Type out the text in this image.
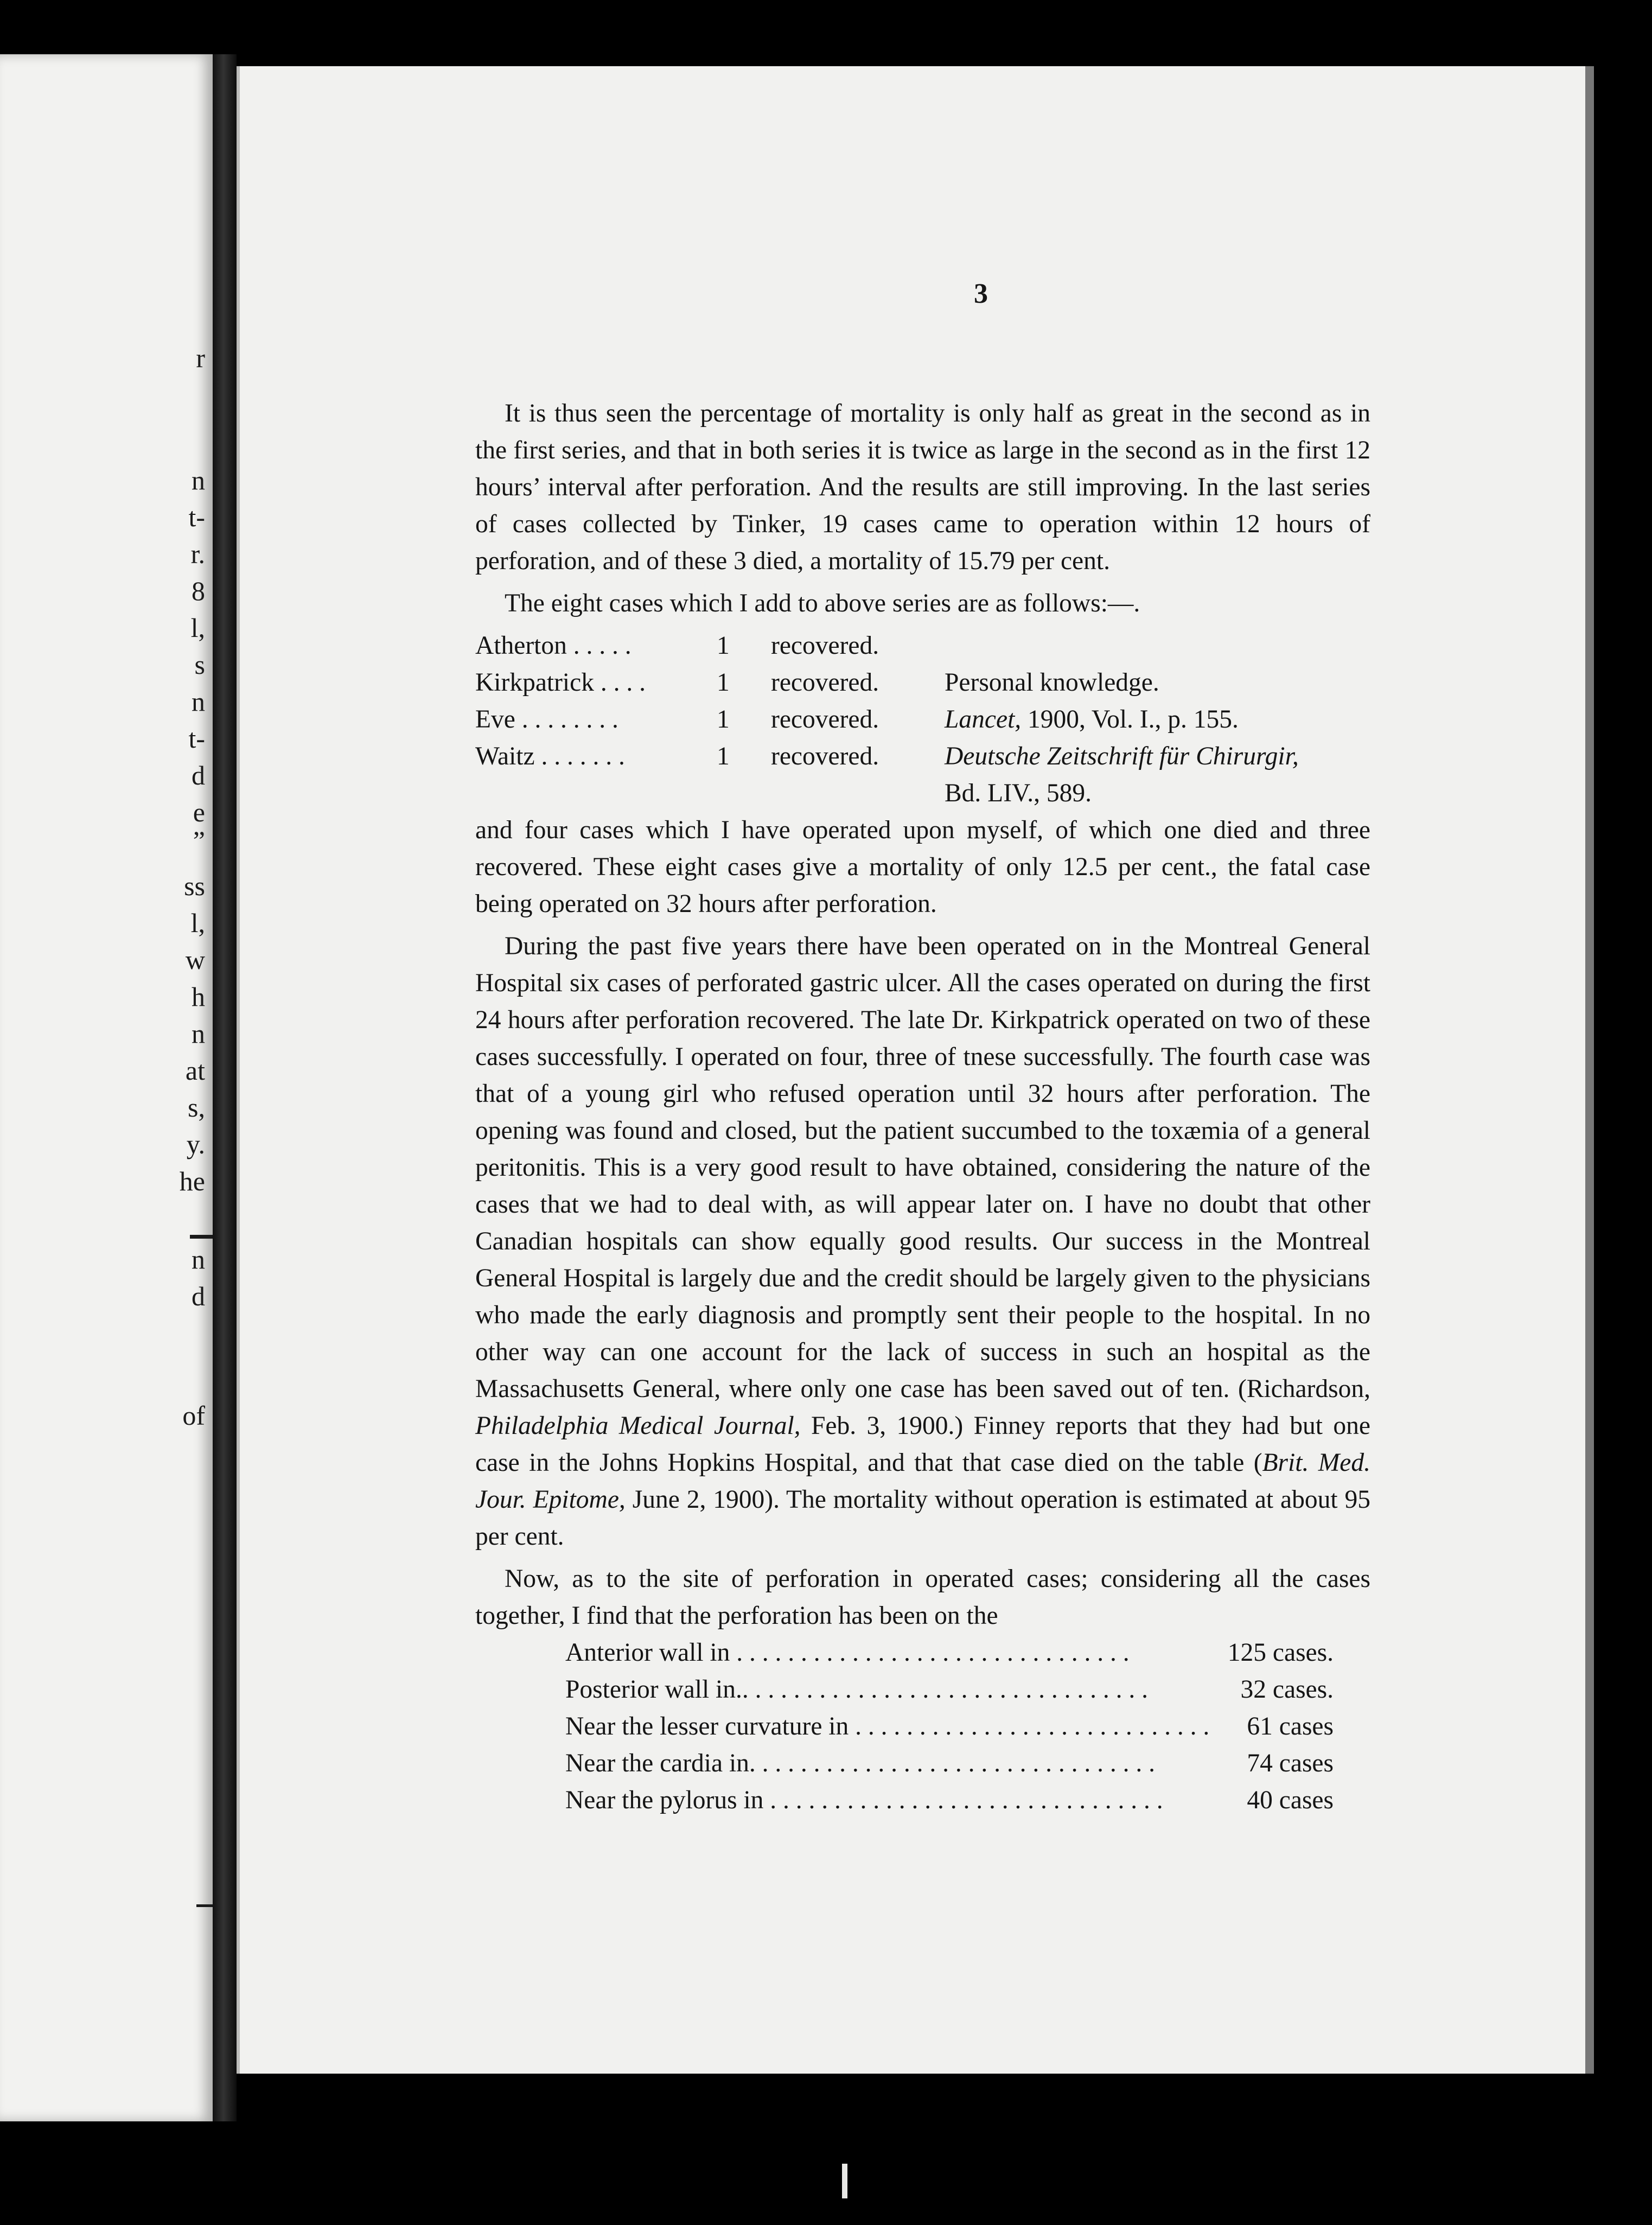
r
n
t-
r.
8
l,
s
n
t-
d
e
”
ss
l,
w
h
n
at
s,
y.
he
n
d
of
3

It is thus seen the percentage of mortality is only half as great in the second as in the first series, and that in both series it is twice as large in the second as in the first 12 hours’ interval after perforation. And the results are still improving. In the last series of cases collected by Tinker, 19 cases came to operation within 12 hours of perforation, and of these 3 died, a mortality of 15.79 per cent.

The eight cases which I add to above series are as follows:—.

Atherton . . . . .	1	recovered.
Kirkpatrick . . . .	1	recovered.	Personal knowledge.
Eve . . . . . . . .	1	recovered.	Lancet, 1900, Vol. I., p. 155.
Waitz . . . . . . .	1	recovered.	Deutsche Zeitschrift für Chirurgir,
Bd. LIV., 589.

and four cases which I have operated upon myself, of which one died and three recovered. These eight cases give a mortality of only 12.5 per cent., the fatal case being operated on 32 hours after perforation.

During the past five years there have been operated on in the Montreal General Hospital six cases of perforated gastric ulcer. All the cases operated on during the first 24 hours after perforation recovered. The late Dr. Kirkpatrick operated on two of these cases successfully. I operated on four, three of tnese successfully. The fourth case was that of a young girl who refused operation until 32 hours after perforation. The opening was found and closed, but the patient succumbed to the toxæmia of a general peritonitis. This is a very good result to have obtained, considering the nature of the cases that we had to deal with, as will appear later on. I have no doubt that other Canadian hospitals can show equally good results. Our success in the Montreal General Hospital is largely due and the credit should be largely given to the physicians who made the early diagnosis and promptly sent their people to the hospital. In no other way can one account for the lack of success in such an hospital as the Massachusetts General, where only one case has been saved out of ten. (Richardson, Philadelphia Medical Journal, Feb. 3, 1900.) Finney reports that they had but one case in the Johns Hopkins Hospital, and that that case died on the table (Brit. Med. Jour. Epitome, June 2, 1900). The mortality without operation is estimated at about 95 per cent.

Now, as to the site of perforation in operated cases; considering all the cases together, I find that the perforation has been on the

Anterior wall in . . .	125 cases.
Posterior wall in.. . . .	32 cases.
Near the lesser curvature in . . .	61 cases
Near the cardia in. . . .	74 cases
Near the pylorus in . . .	40 cases
